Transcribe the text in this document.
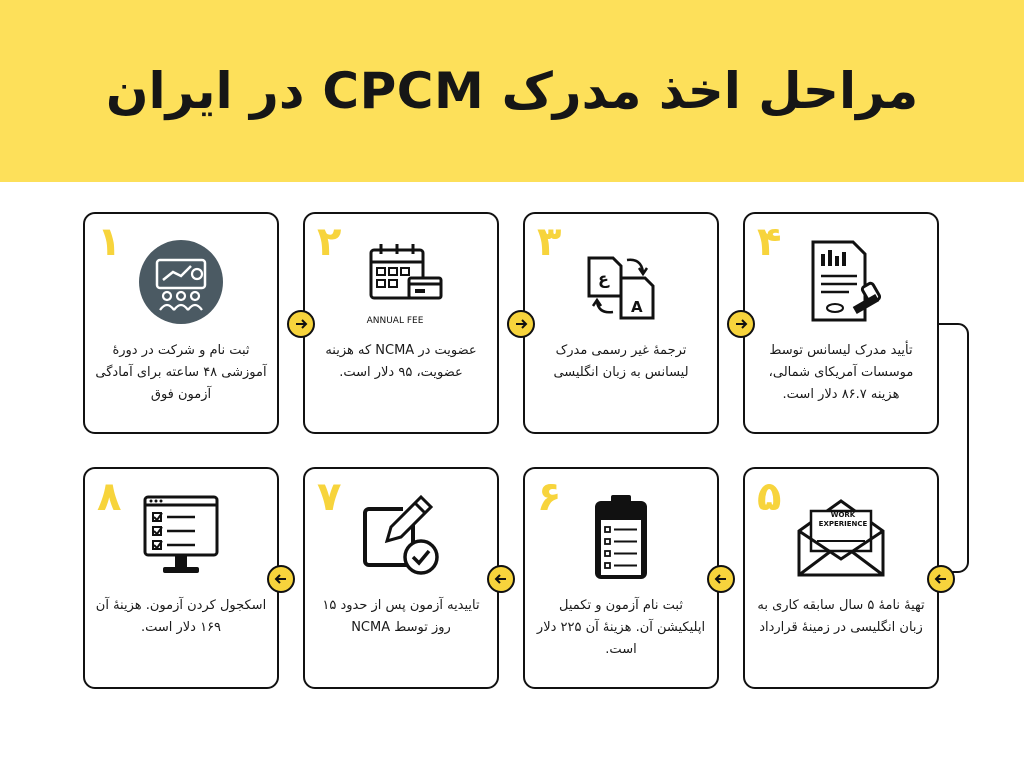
مراحل اخذ مدرک CPCM در ایران
۱
ثبت نام و شرکت در دورهٔ آموزشی ۴۸ ساعته برای آمادگی آزمون فوق
۲
ANNUAL FEE
عضویت در NCMA که هزینه عضویت، ۹۵ دلار است.
۳
ع
A
ترجمهٔ غیر رسمی مدرک لیسانس به زبان انگلیسی
۴
تأیید مدرک لیسانس توسط موسسات آمریکای شمالی، هزینه ۸۶.۷ دلار است.
۵	WORK EXPERIENCE
تهیهٔ نامهٔ ۵ سال سابقه کاری به زبان انگلیسی در زمینهٔ قرارداد
۶
REGISTRATION
ثبت نام آزمون و تکمیل اپلیکیشن آن. هزینهٔ آن ۲۲۵ دلار است.
۷
تاییدیه آزمون پس از حدود ۱۵ روز توسط NCMA
۸
اسکجول کردن آزمون. هزینهٔ آن ۱۶۹ دلار است.
